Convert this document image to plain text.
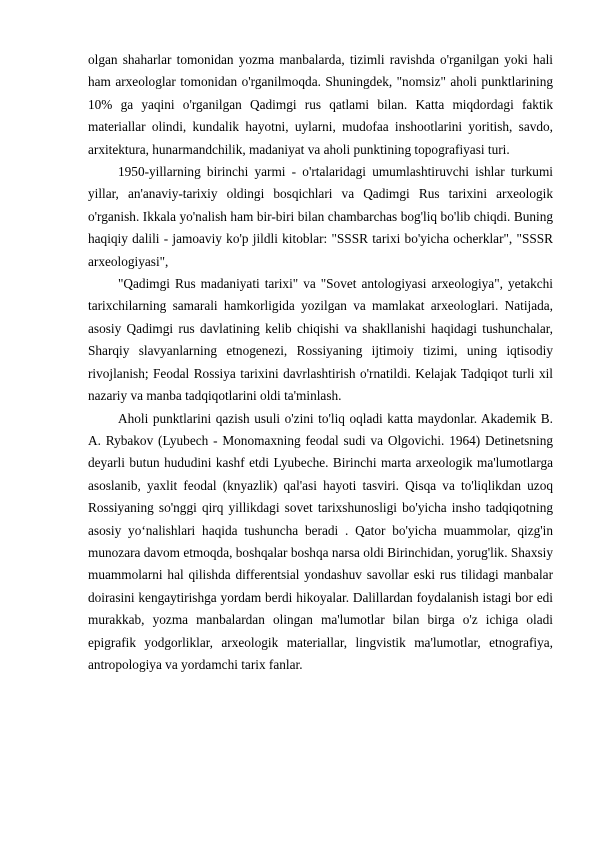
olgan shaharlar tomonidan yozma manbalarda, tizimli ravishda o'rganilgan yoki hali ham arxeologlar tomonidan o'rganilmoqda. Shuningdek, "nomsiz" aholi punktlarining 10% ga yaqini o'rganilgan Qadimgi rus qatlami bilan. Katta miqdordagi faktik materiallar olindi, kundalik hayotni, uylarni, mudofaa inshootlarini yoritish, savdo, arxitektura, hunarmandchilik, madaniyat va aholi punktining topografiyasi turi.

1950-yillarning birinchi yarmi - o'rtalaridagi umumlashtiruvchi ishlar turkumi yillar, an'anaviy-tarixiy oldingi bosqichlari va Qadimgi Rus tarixini arxeologik o'rganish. Ikkala yo'nalish ham bir-biri bilan chambarchas bog'liq bo'lib chiqdi. Buning haqiqiy dalili - jamoaviy ko'p jildli kitoblar: "SSSR tarixi bo'yicha ocherklar", "SSSR arxeologiyasi",

"Qadimgi Rus madaniyati tarixi" va "Sovet antologiyasi arxeologiya", yetakchi tarixchilarning samarali hamkorligida yozilgan va mamlakat arxeologlari. Natijada, asosiy Qadimgi rus davlatining kelib chiqishi va shakllanishi haqidagi tushunchalar, Sharqiy slavyanlarning etnogenezi, Rossiyaning ijtimoiy tizimi, uning iqtisodiy rivojlanish; Feodal Rossiya tarixini davrlashtirish o'rnatildi. Kelajak Tadqiqot turli xil nazariy va manba tadqiqotlarini oldi ta'minlash.

Aholi punktlarini qazish usuli o'zini to'liq oqladi katta maydonlar. Akademik B. A. Rybakov (Lyubech - Monomaxning feodal sudi va Olgovichi. 1964) Detinetsning deyarli butun hududini kashf etdi Lyubeche. Birinchi marta arxeologik ma'lumotlarga asoslanib, yaxlit feodal (knyazlik) qal'asi hayoti tasviri. Qisqa va to'liqlikdan uzoq Rossiyaning so'nggi qirq yillikdagi sovet tarixshunosligi bo'yicha insho tadqiqotning asosiy yo‘nalishlari haqida tushuncha beradi . Qator bo'yicha muammolar, qizg'in munozara davom etmoqda, boshqalar boshqa narsa oldi Birinchidan, yorug'lik. Shaxsiy muammolarni hal qilishda differentsial yondashuv savollar eski rus tilidagi manbalar doirasini kengaytirishga yordam berdi hikoyalar. Dalillardan foydalanish istagi bor edi murakkab, yozma manbalardan olingan ma'lumotlar bilan birga o'z ichiga oladi epigrafik yodgorliklar, arxeologik materiallar, lingvistik ma'lumotlar, etnografiya, antropologiya va yordamchi tarix fanlar.
